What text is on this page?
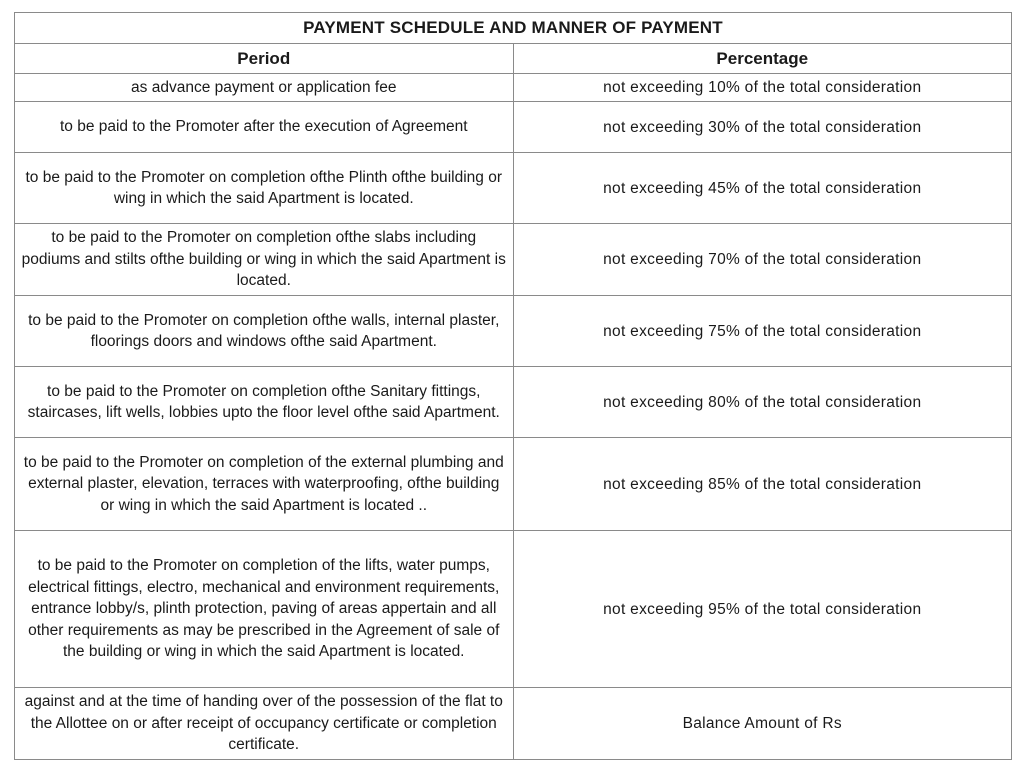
PAYMENT SCHEDULE AND MANNER OF PAYMENT	
Period	Percentage
as advance payment or application fee	not exceeding 10% of the total consideration
to be paid to the Promoter after the execution of Agreement	not exceeding 30% of the total consideration
to be paid to the Promoter on completion ofthe Plinth ofthe building or wing in which the said Apartment is located.	not exceeding 45% of the total consideration
to be paid to the Promoter on completion ofthe slabs including podiums and stilts ofthe building or wing in which the said Apartment is located.	not exceeding 70% of the total consideration
to be paid to the Promoter on completion ofthe walls, internal plaster, floorings doors and windows ofthe said Apartment.	not exceeding 75% of the total consideration
to be paid to the Promoter on completion ofthe Sanitary fittings, staircases, lift wells, lobbies upto the floor level ofthe said Apartment.	not exceeding 80% of the total consideration
to be paid to the Promoter on completion of the external plumbing and external plaster, elevation, terraces with waterproofing, ofthe building or wing in which the said Apartment is located ..	not exceeding 85% of the total consideration
to be paid to the Promoter on completion of the lifts, water pumps, electrical fittings, electro, mechanical and environment requirements, entrance lobby/s, plinth protection, paving of areas appertain and all other requirements as may be prescribed in the Agreement of sale of the building or wing in which the said Apartment is located.	not exceeding 95% of the total consideration
against and at the time of handing over of the possession of the flat to the Allottee on or after receipt of occupancy certificate or completion certificate.	Balance Amount of Rs
